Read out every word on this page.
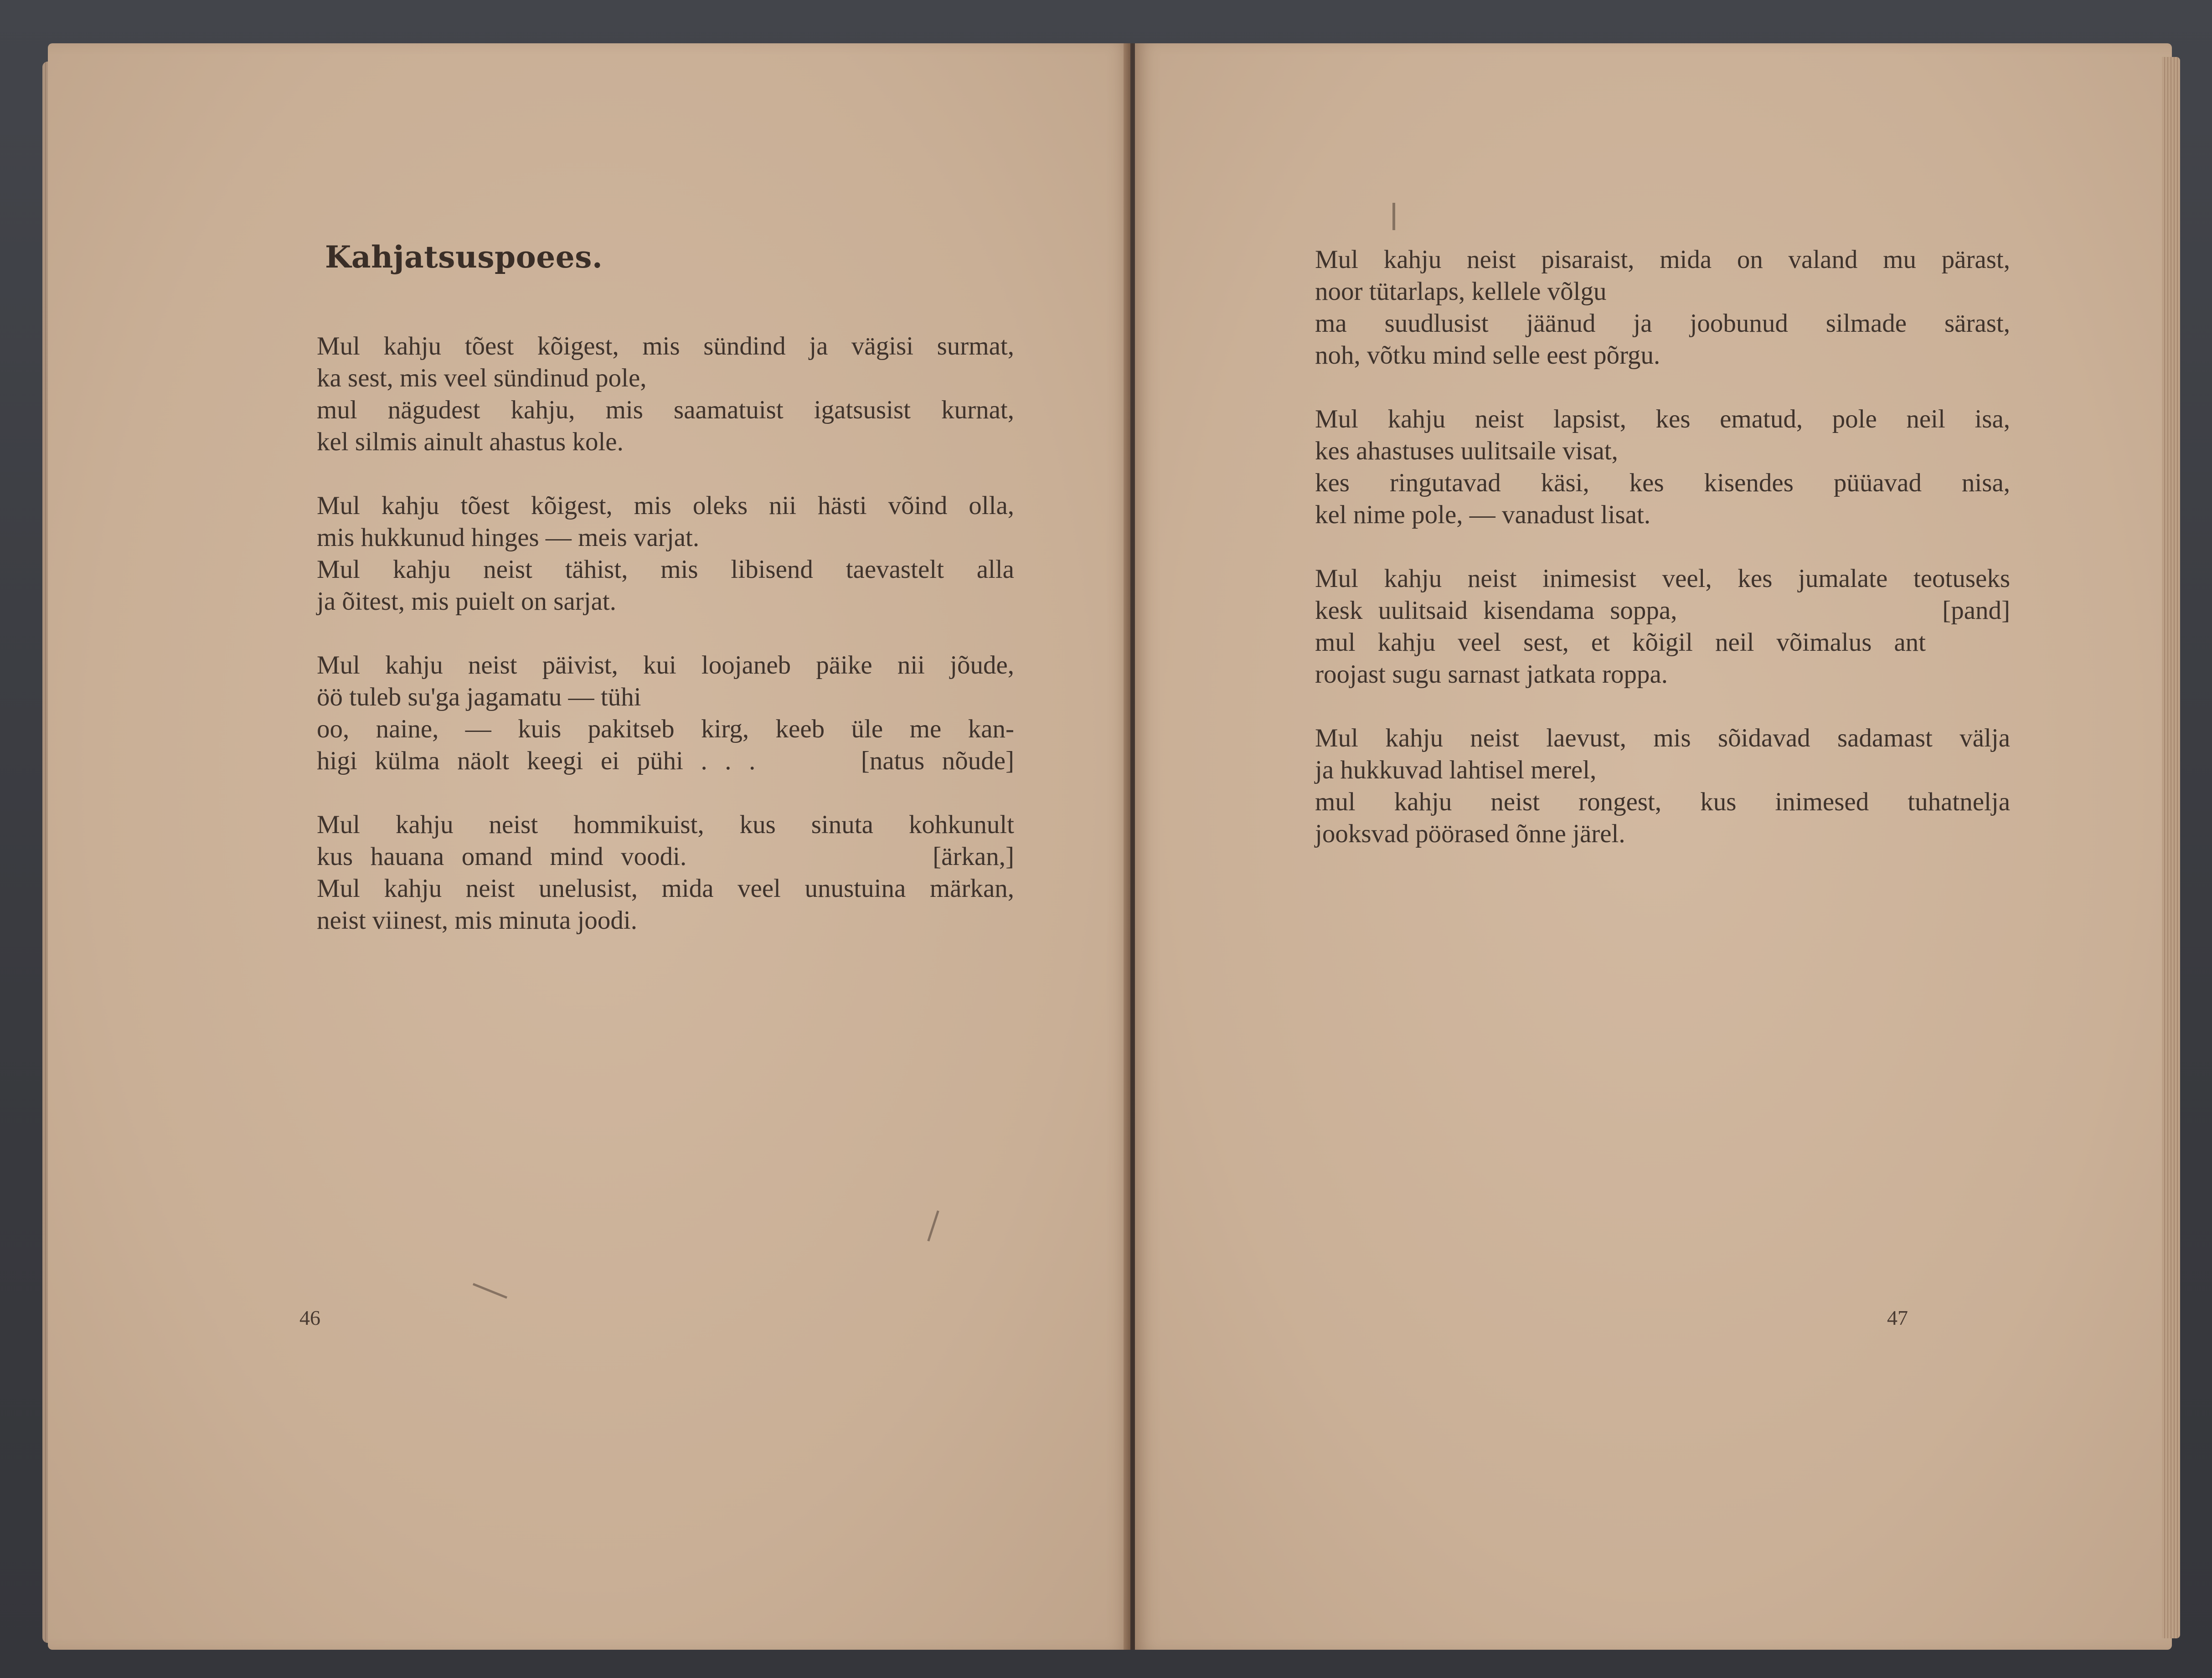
Kahjatsuspoees.
Mul kahju tõest kõigest, mis sündind ja vägisi surmat,
ka sest, mis veel sündinud pole,
mul nägudest kahju, mis saamatuist igatsusist kurnat,
kel silmis ainult ahastus kole.
Mul kahju tõest kõigest, mis oleks nii hästi võind olla,
mis hukkunud hinges — meis varjat.
Mul kahju neist tähist, mis libisend taevastelt alla
ja õitest, mis puielt on sarjat.
Mul kahju neist päivist, kui loojaneb päike nii jõude,
öö tuleb su'ga jagamatu — tühi
oo, naine, — kuis pakitseb kirg, keeb üle me kan-
higi külma näolt keegi ei pühi . . .      [natus nõude]
Mul kahju neist hommikuist, kus sinuta kohkunult
kus hauana omand mind voodi.              [ärkan,]
Mul kahju neist unelusist, mida veel unustuina märkan,
neist viinest, mis minuta joodi.
46
Mul kahju neist pisaraist, mida on valand mu pärast,
noor tütarlaps, kellele võlgu
ma suudlusist jäänud ja joobunud silmade särast,
noh, võtku mind selle eest põrgu.
Mul kahju neist lapsist, kes ematud, pole neil isa,
kes ahastuses uulitsaile visat,
kes ringutavad käsi, kes kisendes püüavad nisa,
kel nime pole, — vanadust lisat.
Mul kahju neist inimesist veel, kes jumalate teotuseks
kesk uulitsaid kisendama soppa,                 [pand]
mul kahju veel sest, et kõigil neil võimalus ant
roojast sugu sarnast jatkata roppa.
Mul kahju neist laevust, mis sõidavad sadamast välja
ja hukkuvad lahtisel merel,
mul kahju neist rongest, kus inimesed tuhatnelja
jooksvad pöörased õnne järel.
47
